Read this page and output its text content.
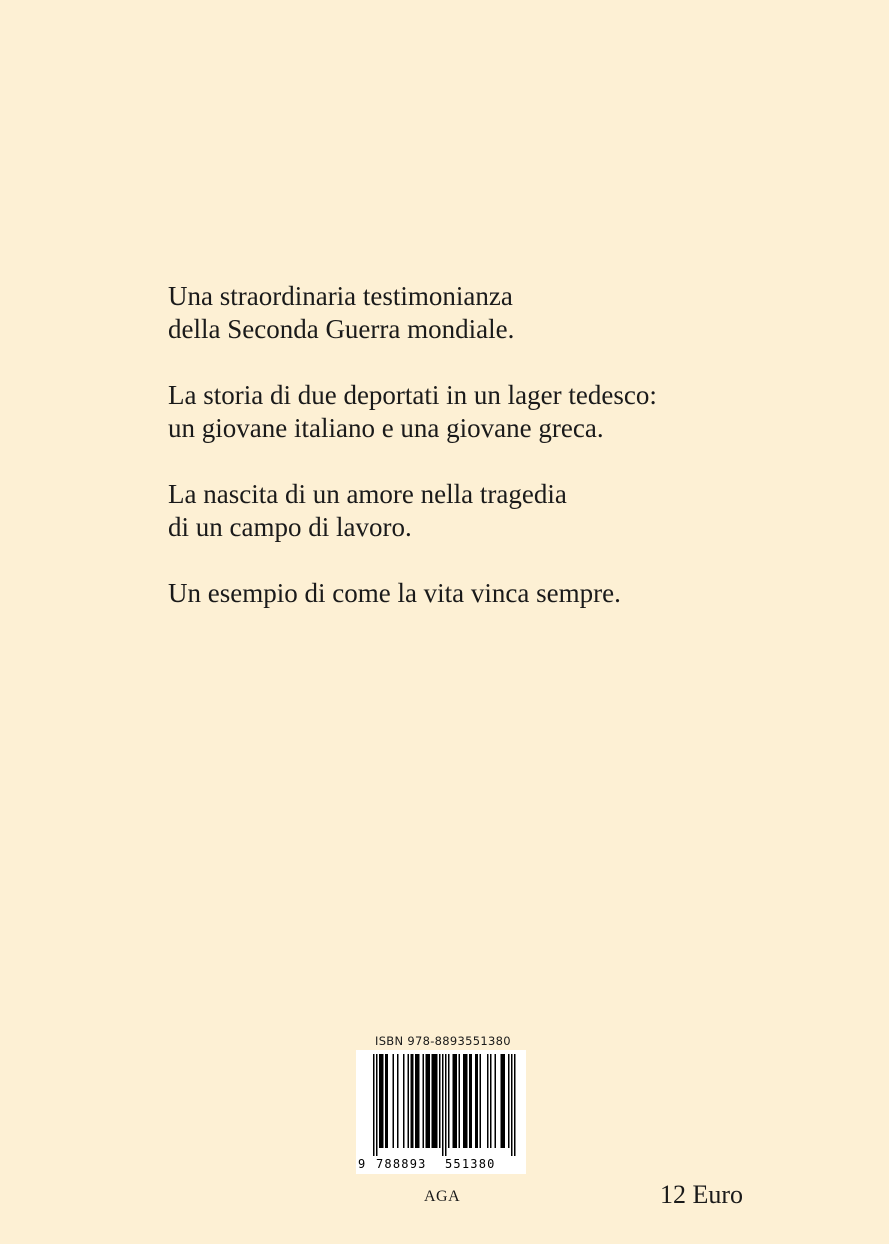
Una straordinaria testimonianza
della Seconda Guerra mondiale.

La storia di due deportati in un lager tedesco:
un giovane italiano e una giovane greca.

La nascita di un amore nella tragedia
di un campo di lavoro.

Un esempio di come la vita vinca sempre.

ISBN 978-8893551380
9 788893 551380
AGA	12 Euro
